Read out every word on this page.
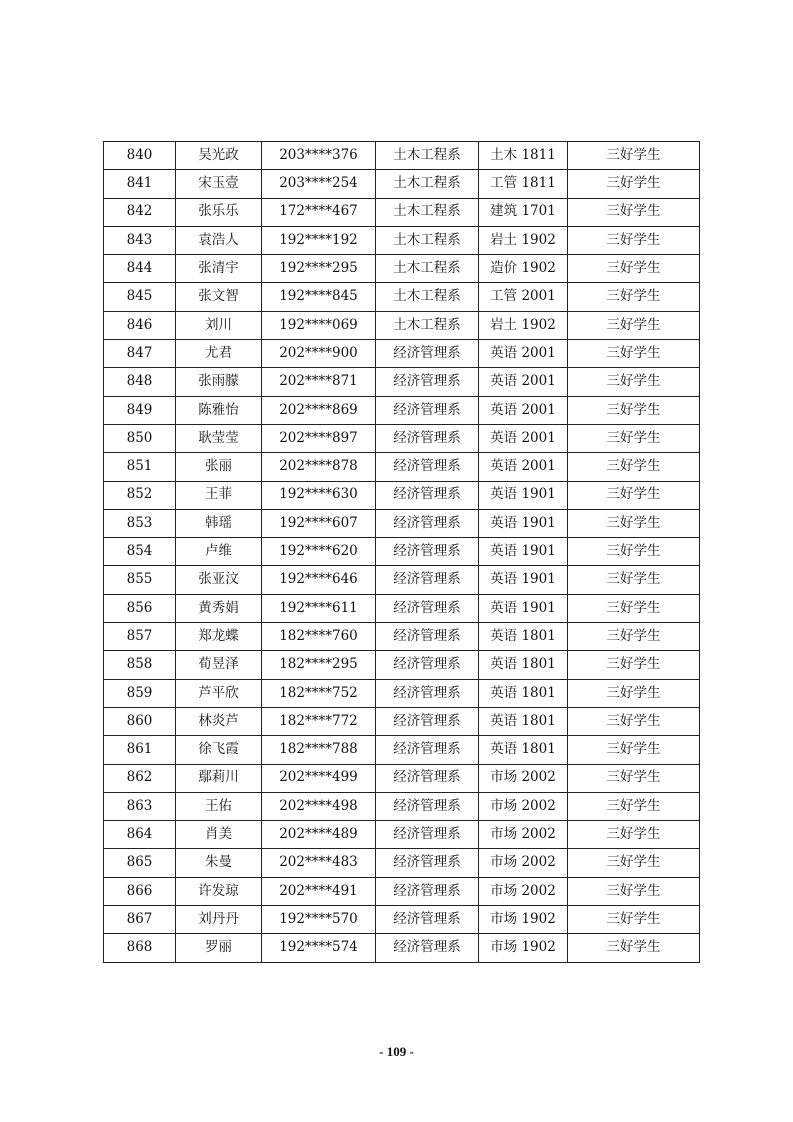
840	吴光政	203****376	土木工程系	土木 1811	三好学生
841	宋玉壹	203****254	土木工程系	工管 1811	三好学生
842	张乐乐	172****467	土木工程系	建筑 1701	三好学生
843	袁浩人	192****192	土木工程系	岩土 1902	三好学生
844	张清宇	192****295	土木工程系	造价 1902	三好学生
845	张文智	192****845	土木工程系	工管 2001	三好学生
846	刘川	192****069	土木工程系	岩土 1902	三好学生
847	尤君	202****900	经济管理系	英语 2001	三好学生
848	张雨朦	202****871	经济管理系	英语 2001	三好学生
849	陈雅怡	202****869	经济管理系	英语 2001	三好学生
850	耿莹莹	202****897	经济管理系	英语 2001	三好学生
851	张丽	202****878	经济管理系	英语 2001	三好学生
852	王菲	192****630	经济管理系	英语 1901	三好学生
853	韩瑶	192****607	经济管理系	英语 1901	三好学生
854	卢维	192****620	经济管理系	英语 1901	三好学生
855	张亚汶	192****646	经济管理系	英语 1901	三好学生
856	黄秀娟	192****611	经济管理系	英语 1901	三好学生
857	郑龙蝶	182****760	经济管理系	英语 1801	三好学生
858	荀昱泽	182****295	经济管理系	英语 1801	三好学生
859	芦平欣	182****752	经济管理系	英语 1801	三好学生
860	林炎芦	182****772	经济管理系	英语 1801	三好学生
861	徐飞霞	182****788	经济管理系	英语 1801	三好学生
862	鄢莉川	202****499	经济管理系	市场 2002	三好学生
863	王佑	202****498	经济管理系	市场 2002	三好学生
864	肖美	202****489	经济管理系	市场 2002	三好学生
865	朱曼	202****483	经济管理系	市场 2002	三好学生
866	许发琼	202****491	经济管理系	市场 2002	三好学生
867	刘丹丹	192****570	经济管理系	市场 1902	三好学生
868	罗丽	192****574	经济管理系	市场 1902	三好学生
- 109 -
